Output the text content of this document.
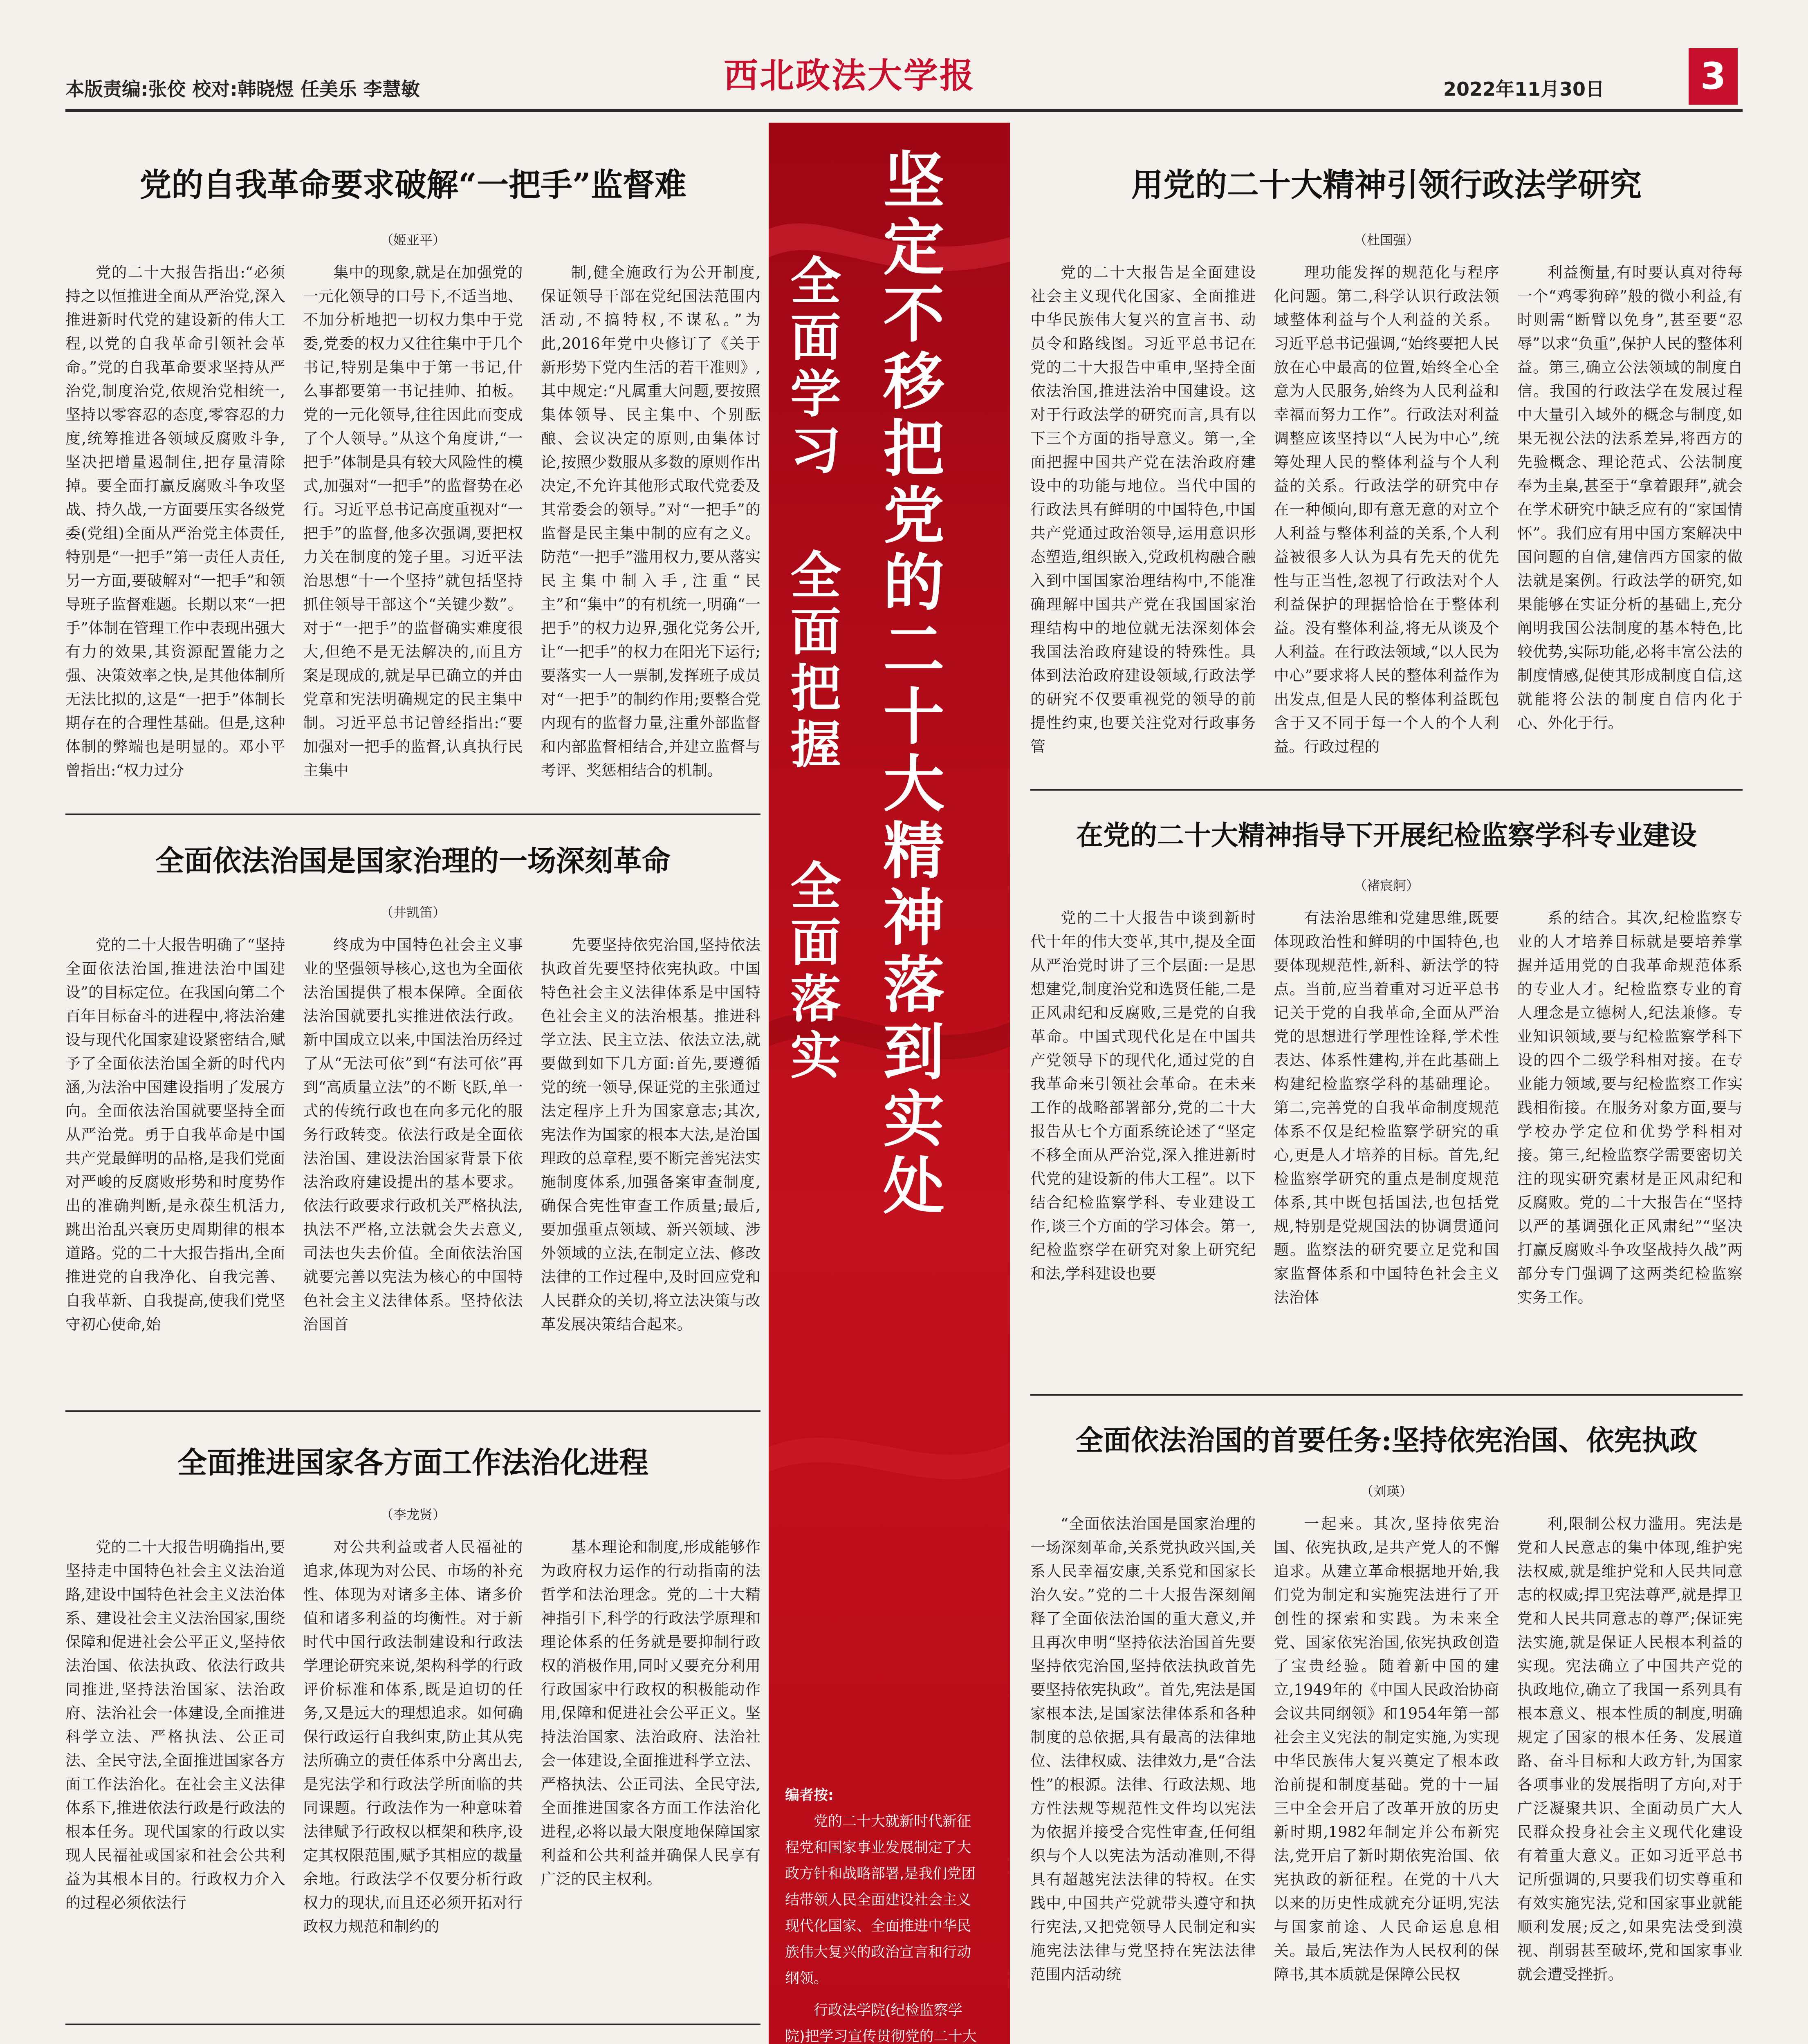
本版责编:张佼 校对:韩晓煜 任美乐 李慧敏	西北政法大学报	2022年11月30日	3
党的自我革命要求破解“一把手”监督难
（姬亚平）

党的二十大报告指出:“必须持之以恒推进全面从严治党,深入推进新时代党的建设新的伟大工程,以党的自我革命引领社会革命。”党的自我革命要求坚持从严治党,制度治党,依规治党相统一,坚持以零容忍的态度,零容忍的力度,统筹推进各领域反腐败斗争,坚决把增量遏制住,把存量清除掉。要全面打赢反腐败斗争攻坚战、持久战,一方面要压实各级党委(党组)全面从严治党主体责任,特别是“一把手”第一责任人责任,另一方面,要破解对“一把手”和领导班子监督难题。长期以来“一把手”体制在管理工作中表现出强大有力的效果,其资源配置能力之强、决策效率之快,是其他体制所无法比拟的,这是“一把手”体制长期存在的合理性基础。但是,这种体制的弊端也是明显的。邓小平曾指出:“权力过分

集中的现象,就是在加强党的一元化领导的口号下,不适当地、不加分析地把一切权力集中于党委,党委的权力又往往集中于几个书记,特别是集中于第一书记,什么事都要第一书记挂帅、拍板。党的一元化领导,往往因此而变成了个人领导。”从这个角度讲,“一把手”体制是具有较大风险性的模式,加强对“一把手”的监督势在必行。习近平总书记高度重视对“一把手”的监督,他多次强调,要把权力关在制度的笼子里。习近平法治思想“十一个坚持”就包括坚持抓住领导干部这个“关键少数”。对于“一把手”的监督确实难度很大,但绝不是无法解决的,而且方案是现成的,就是早已确立的并由党章和宪法明确规定的民主集中制。习近平总书记曾经指出:“要加强对一把手的监督,认真执行民主集中

制,健全施政行为公开制度,保证领导干部在党纪国法范围内活动,不搞特权,不谋私。”为此,2016年党中央修订了《关于新形势下党内生活的若干准则》,其中规定:“凡属重大问题,要按照集体领导、民主集中、个别酝酿、会议决定的原则,由集体讨论,按照少数服从多数的原则作出决定,不允许其他形式取代党委及其常委会的领导。”对“一把手”的监督是民主集中制的应有之义。防范“一把手”滥用权力,要从落实民主集中制入手,注重“民主”和“集中”的有机统一,明确“一把手”的权力边界,强化党务公开,让“一把手”的权力在阳光下运行;要落实一人一票制,发挥班子成员对“一把手”的制约作用;要整合党内现有的监督力量,注重外部监督和内部监督相结合,并建立监督与考评、奖惩相结合的机制。

全面依法治国是国家治理的一场深刻革命
（井凯笛）

党的二十大报告明确了“坚持全面依法治国,推进法治中国建设”的目标定位。在我国向第二个百年目标奋斗的进程中,将法治建设与现代化国家建设紧密结合,赋予了全面依法治国全新的时代内涵,为法治中国建设指明了发展方向。全面依法治国就要坚持全面从严治党。勇于自我革命是中国共产党最鲜明的品格,是我们党面对严峻的反腐败形势和时度势作出的准确判断,是永葆生机活力,跳出治乱兴衰历史周期律的根本道路。党的二十大报告指出,全面推进党的自我净化、自我完善、自我革新、自我提高,使我们党坚守初心使命,始

终成为中国特色社会主义事业的坚强领导核心,这也为全面依法治国提供了根本保障。全面依法治国就要扎实推进依法行政。新中国成立以来,中国法治历经过了从“无法可依”到“有法可依”再到“高质量立法”的不断飞跃,单一式的传统行政也在向多元化的服务行政转变。依法行政是全面依法治国、建设法治国家背景下依法治政府建设提出的基本要求。依法行政要求行政机关严格执法,执法不严格,立法就会失去意义,司法也失去价值。全面依法治国就要完善以宪法为核心的中国特色社会主义法律体系。坚持依法治国首

先要坚持依宪治国,坚持依法执政首先要坚持依宪执政。中国特色社会主义法律体系是中国特色社会主义的法治根基。推进科学立法、民主立法、依法立法,就要做到如下几方面:首先,要遵循党的统一领导,保证党的主张通过法定程序上升为国家意志;其次,宪法作为国家的根本大法,是治国理政的总章程,要不断完善宪法实施制度体系,加强备案审查制度,确保合宪性审查工作质量;最后,要加强重点领域、新兴领域、涉外领域的立法,在制定立法、修改法律的工作过程中,及时回应党和人民群众的关切,将立法决策与改革发展决策结合起来。

全面推进国家各方面工作法治化进程
（李龙贤）

党的二十大报告明确指出,要坚持走中国特色社会主义法治道路,建设中国特色社会主义法治体系、建设社会主义法治国家,围绕保障和促进社会公平正义,坚持依法治国、依法执政、依法行政共同推进,坚持法治国家、法治政府、法治社会一体建设,全面推进科学立法、严格执法、公正司法、全民守法,全面推进国家各方面工作法治化。在社会主义法律体系下,推进依法行政是行政法的根本任务。现代国家的行政以实现人民福祉或国家和社会公共利益为其根本目的。行政权力介入的过程必须依法行

对公共利益或者人民福祉的追求,体现为对公民、市场的补充性、体现为对诸多主体、诸多价值和诸多利益的均衡性。对于新时代中国行政法制建设和行政法学理论研究来说,架构科学的行政评价标准和体系,既是迫切的任务,又是远大的理想追求。如何确保行政运行自我纠束,防止其从宪法所确立的责任体系中分离出去,是宪法学和行政法学所面临的共同课题。行政法作为一种意味着法律赋予行政权以框架和秩序,设定其权限范围,赋予其相应的裁量余地。行政法学不仅要分析行政权力的现状,而且还必须开拓对行政权力规范和制约的

基本理论和制度,形成能够作为政府权力运作的行动指南的法哲学和法治理念。党的二十大精神指引下,科学的行政法学原理和理论体系的任务就是要抑制行政权的消极作用,同时又要充分利用行政国家中行政权的积极能动作用,保障和促进社会公平正义。坚持法治国家、法治政府、法治社会一体建设,全面推进科学立法、严格执法、公正司法、全民守法,全面推进国家各方面工作法治化进程,必将以最大限度地保障国家利益和公共利益并确保人民享有广泛的民主权利。

坚
定
不
移
把
党
的
二
十
大
精
神
落
到
实
处
全
面
学
习
全
面
把
握
全
面
落
实
编者按:

党的二十大就新时代新征程党和国家事业发展制定了大政方针和战略部署,是我们党团结带领人民全面建设社会主义现代化国家、全面推进中华民族伟大复兴的政治宣言和行动纲领。

行政法学院(纪检监察学院)把学习宣传贯彻党的二十大

用党的二十大精神引领行政法学研究
（杜国强）

党的二十大报告是全面建设社会主义现代化国家、全面推进中华民族伟大复兴的宣言书、动员令和路线图。习近平总书记在党的二十大报告中重申,坚持全面依法治国,推进法治中国建设。这对于行政法学的研究而言,具有以下三个方面的指导意义。第一,全面把握中国共产党在法治政府建设中的功能与地位。当代中国的行政法具有鲜明的中国特色,中国共产党通过政治领导,运用意识形态塑造,组织嵌入,党政机构融合融入到中国国家治理结构中,不能准确理解中国共产党在我国国家治理结构中的地位就无法深刻体会我国法治政府建设的特殊性。具体到法治政府建设领域,行政法学的研究不仅要重视党的领导的前提性约束,也要关注党对行政事务管

理功能发挥的规范化与程序化问题。第二,科学认识行政法领域整体利益与个人利益的关系。习近平总书记强调,“始终要把人民放在心中最高的位置,始终全心全意为人民服务,始终为人民利益和幸福而努力工作”。行政法对利益调整应该坚持以“人民为中心”,统筹处理人民的整体利益与个人利益的关系。行政法学的研究中存在一种倾向,即有意无意的对立个人利益与整体利益的关系,个人利益被很多人认为具有先天的优先性与正当性,忽视了行政法对个人利益保护的理据恰恰在于整体利益。没有整体利益,将无从谈及个人利益。在行政法领域,“以人民为中心”要求将人民的整体利益作为出发点,但是人民的整体利益既包含于又不同于每一个人的个人利益。行政过程的

利益衡量,有时要认真对待每一个“鸡零狗碎”般的微小利益,有时则需“断臂以免身”,甚至要“忍辱”以求“负重”,保护人民的整体利益。第三,确立公法领域的制度自信。我国的行政法学在发展过程中大量引入域外的概念与制度,如果无视公法的法系差异,将西方的先验概念、理论范式、公法制度奉为圭臬,甚至于“拿着跟拜”,就会在学术研究中缺乏应有的“家国情怀”。我们应有用中国方案解决中国问题的自信,建信西方国家的做法就是案例。行政法学的研究,如果能够在实证分析的基础上,充分阐明我国公法制度的基本特色,比较优势,实际功能,必将丰富公法的制度情感,促使其形成制度自信,这就能将公法的制度自信内化于心、外化于行。

在党的二十大精神指导下开展纪检监察学科专业建设
（褚宸舸）

党的二十大报告中谈到新时代十年的伟大变革,其中,提及全面从严治党时讲了三个层面:一是思想建党,制度治党和选贤任能,二是正风肃纪和反腐败,三是党的自我革命。中国式现代化是在中国共产党领导下的现代化,通过党的自我革命来引领社会革命。在未来工作的战略部署部分,党的二十大报告从七个方面系统论述了“坚定不移全面从严治党,深入推进新时代党的建设新的伟大工程”。以下结合纪检监察学科、专业建设工作,谈三个方面的学习体会。第一,纪检监察学在研究对象上研究纪和法,学科建设也要

有法治思维和党建思维,既要体现政治性和鲜明的中国特色,也要体现规范性,新科、新法学的特点。当前,应当着重对习近平总书记关于党的自我革命,全面从严治党的思想进行学理性诠释,学术性表达、体系性建构,并在此基础上构建纪检监察学科的基础理论。第二,完善党的自我革命制度规范体系不仅是纪检监察学研究的重心,更是人才培养的目标。首先,纪检监察学研究的重点是制度规范体系,其中既包括国法,也包括党规,特别是党规国法的协调贯通问题。监察法的研究要立足党和国家监督体系和中国特色社会主义法治体

系的结合。其次,纪检监察专业的人才培养目标就是要培养掌握并适用党的自我革命规范体系的专业人才。纪检监察专业的育人理念是立德树人,纪法兼修。专业知识领域,要与纪检监察学科下设的四个二级学科相对接。在专业能力领域,要与纪检监察工作实践相衔接。在服务对象方面,要与学校办学定位和优势学科相对接。第三,纪检监察学需要密切关注的现实研究素材是正风肃纪和反腐败。党的二十大报告在“坚持以严的基调强化正风肃纪”“坚决打赢反腐败斗争攻坚战持久战”两部分专门强调了这两类纪检监察实务工作。

全面依法治国的首要任务:坚持依宪治国、依宪执政
（刘瑛）

“全面依法治国是国家治理的一场深刻革命,关系党执政兴国,关系人民幸福安康,关系党和国家长治久安。”党的二十大报告深刻阐释了全面依法治国的重大意义,并且再次申明“坚持依法治国首先要坚持依宪治国,坚持依法执政首先要坚持依宪执政”。首先,宪法是国家根本法,是国家法律体系和各种制度的总依据,具有最高的法律地位、法律权威、法律效力,是“合法性”的根源。法律、行政法规、地方性法规等规范性文件均以宪法为依据并接受合宪性审查,任何组织与个人以宪法为活动准则,不得具有超越宪法法律的特权。在实践中,中国共产党就带头遵守和执行宪法,又把党领导人民制定和实施宪法法律与党坚持在宪法法律范围内活动统

一起来。其次,坚持依宪治国、依宪执政,是共产党人的不懈追求。从建立革命根据地开始,我们党为制定和实施宪法进行了开创性的探索和实践。为未来全党、国家依宪治国,依宪执政创造了宝贵经验。随着新中国的建立,1949年的《中国人民政治协商会议共同纲领》和1954年第一部社会主义宪法的制定实施,为实现中华民族伟大复兴奠定了根本政治前提和制度基础。党的十一届三中全会开启了改革开放的历史新时期,1982年制定并公布新宪法,党开启了新时期依宪治国、依宪执政的新征程。在党的十八大以来的历史性成就充分证明,宪法与国家前途、人民命运息息相关。最后,宪法作为人民权利的保障书,其本质就是保障公民权

利,限制公权力滥用。宪法是党和人民意志的集中体现,维护宪法权威,就是维护党和人民共同意志的权威;捍卫宪法尊严,就是捍卫党和人民共同意志的尊严;保证宪法实施,就是保证人民根本利益的实现。宪法确立了中国共产党的执政地位,确立了我国一系列具有根本意义、根本性质的制度,明确规定了国家的根本任务、发展道路、奋斗目标和大政方针,为国家各项事业的发展指明了方向,对于广泛凝聚共识、全面动员广大人民群众投身社会主义现代化建设有着重大意义。正如习近平总书记所强调的,只要我们切实尊重和有效实施宪法,党和国家事业就能顺利发展;反之,如果宪法受到漠视、削弱甚至破坏,党和国家事业就会遭受挫折。
